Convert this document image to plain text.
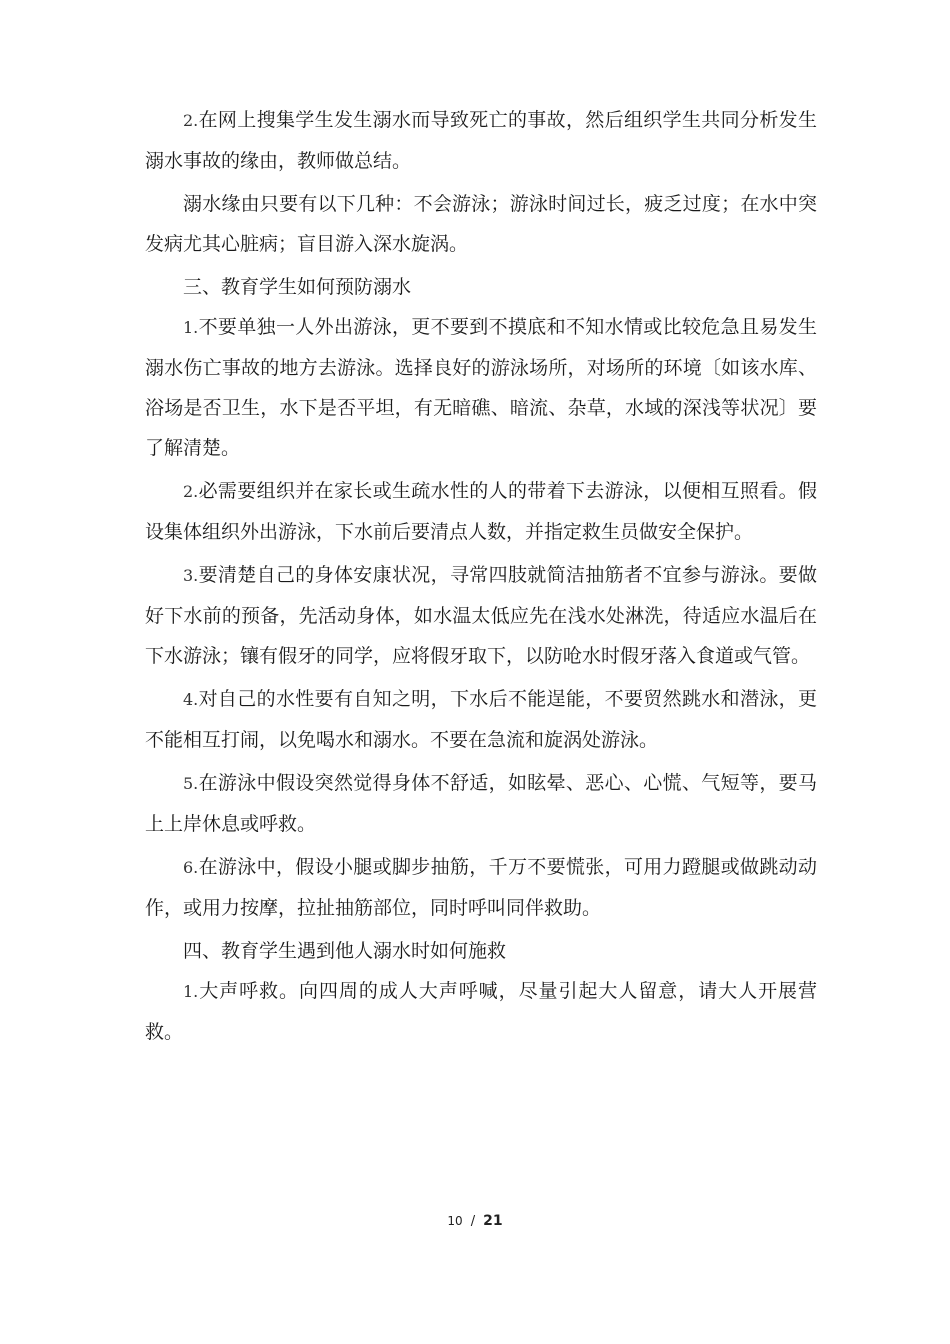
2.在网上搜集学生发生溺水而导致死亡的事故，然后组织学生共同分析发生溺水事故的缘由，教师做总结。

溺水缘由只要有以下几种：不会游泳；游泳时间过长，疲乏过度；在水中突发病尤其心脏病；盲目游入深水旋涡。

三、教育学生如何预防溺水

1.不要单独一人外出游泳，更不要到不摸底和不知水情或比较危急且易发生溺水伤亡事故的地方去游泳。选择良好的游泳场所，对场所的环境〔如该水库、浴场是否卫生，水下是否平坦，有无暗礁、暗流、杂草，水域的深浅等状况〕要了解清楚。

2.必需要组织并在家长或生疏水性的人的带着下去游泳，以便相互照看。假设集体组织外出游泳，下水前后要清点人数，并指定救生员做安全保护。

3.要清楚自己的身体安康状况，寻常四肢就简洁抽筋者不宜参与游泳。要做好下水前的预备，先活动身体，如水温太低应先在浅水处淋洗，待适应水温后在下水游泳；镶有假牙的同学，应将假牙取下，以防呛水时假牙落入食道或气管。

4.对自己的水性要有自知之明，下水后不能逞能，不要贸然跳水和潜泳，更不能相互打闹，以免喝水和溺水。不要在急流和旋涡处游泳。

5.在游泳中假设突然觉得身体不舒适，如眩晕、恶心、心慌、气短等，要马上上岸休息或呼救。

6.在游泳中，假设小腿或脚步抽筋，千万不要慌张，可用力蹬腿或做跳动动作，或用力按摩，拉扯抽筋部位，同时呼叫同伴救助。

四、教育学生遇到他人溺水时如何施救

1.大声呼救。向四周的成人大声呼喊，尽量引起大人留意，请大人开展营救。

10 / 21
